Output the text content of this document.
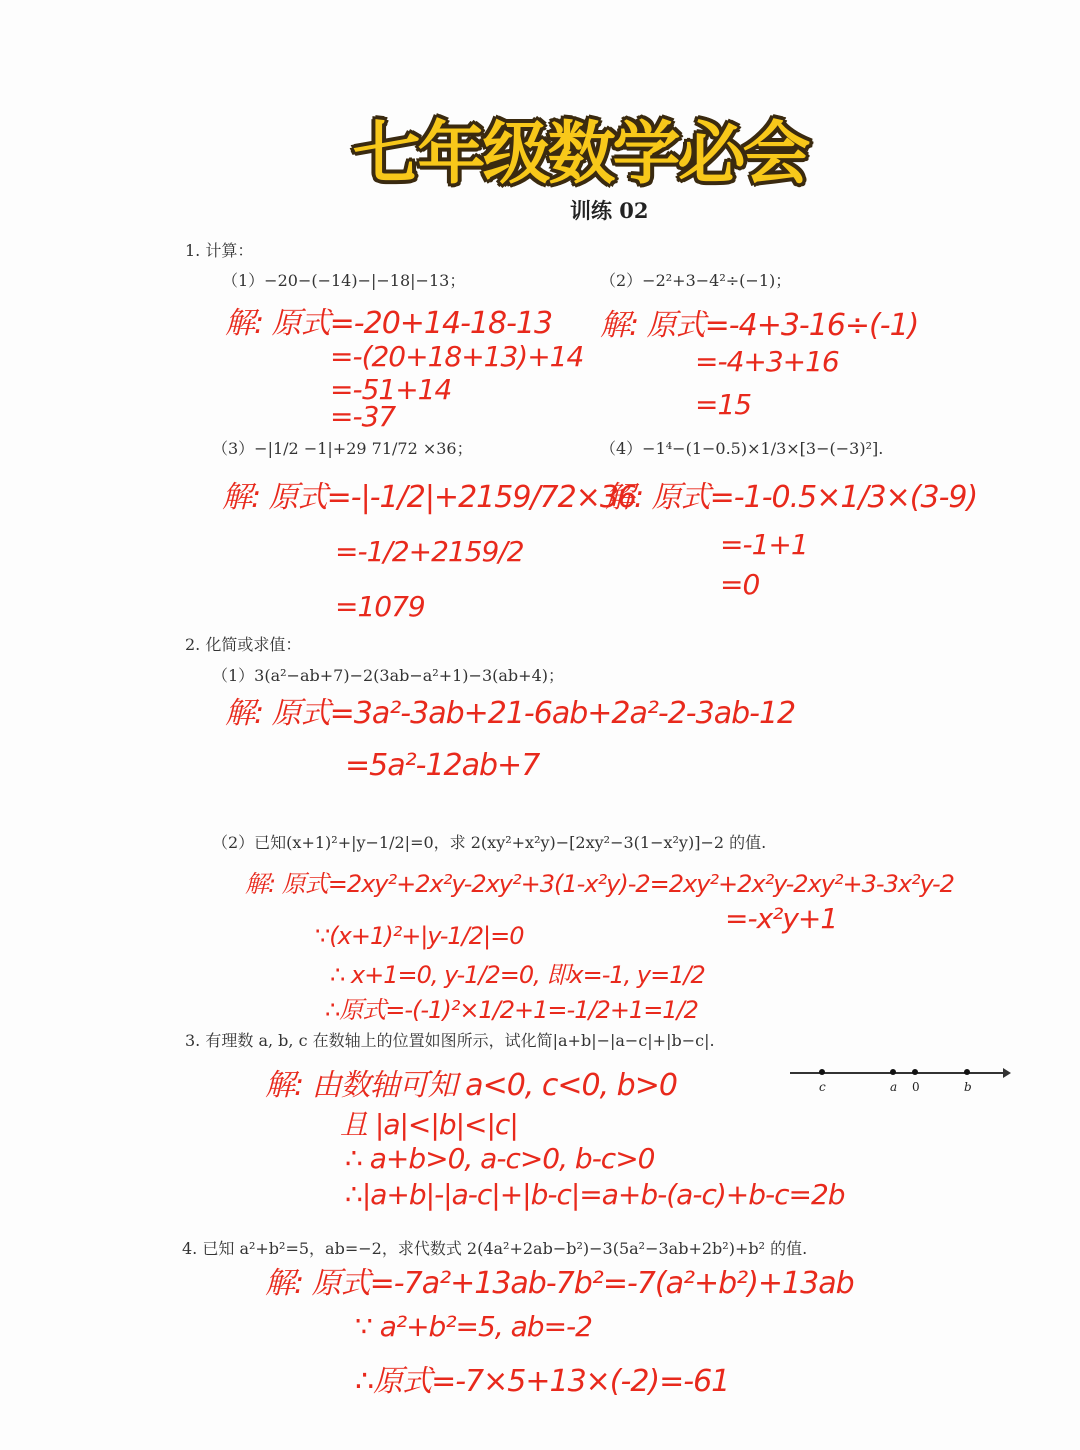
七年级数学必会
训练 02
1. 计算：
（1）−20−(−14)−|−18|−13；	（2）−2²+3−4²÷(−1)；
解: 原式=-20+14-18-13
=-(20+18+13)+14
=-51+14
=-37
解: 原式=-4+3-16÷(-1)
=-4+3+16
=15
（3）−|1/2 −1|+29 71/72 ×36；	（4）−1⁴−(1−0.5)×1/3×[3−(−3)²].
解: 原式=-|-1/2|+2159/72×36
=-1/2+2159/2
=1079
解: 原式=-1-0.5×1/3×(3-9)
=-1+1
=0
2. 化简或求值：
（1）3(a²−ab+7)−2(3ab−a²+1)−3(ab+4)；
解: 原式=3a²-3ab+21-6ab+2a²-2-3ab-12
=5a²-12ab+7
（2）已知(x+1)²+|y−1/2|=0，求 2(xy²+x²y)−[2xy²−3(1−x²y)]−2 的值.
解: 原式=2xy²+2x²y-2xy²+3(1-x²y)-2=2xy²+2x²y-2xy²+3-3x²y-2
=-x²y+1
∵(x+1)²+|y-1/2|=0
∴ x+1=0, y-1/2=0, 即x=-1, y=1/2
∴原式=-(-1)²×1/2+1=-1/2+1=1/2
3. 有理数 a, b, c 在数轴上的位置如图所示，试化简|a+b|−|a−c|+|b−c|.
c	a 0	b
解: 由数轴可知 a<0, c<0, b>0
且 |a|<|b|<|c|
∴ a+b>0, a-c>0, b-c>0
∴|a+b|-|a-c|+|b-c|=a+b-(a-c)+b-c=2b
4. 已知 a²+b²=5，ab=−2，求代数式 2(4a²+2ab−b²)−3(5a²−3ab+2b²)+b² 的值.
解: 原式=-7a²+13ab-7b²=-7(a²+b²)+13ab
∵ a²+b²=5, ab=-2
∴原式=-7×5+13×(-2)=-61
